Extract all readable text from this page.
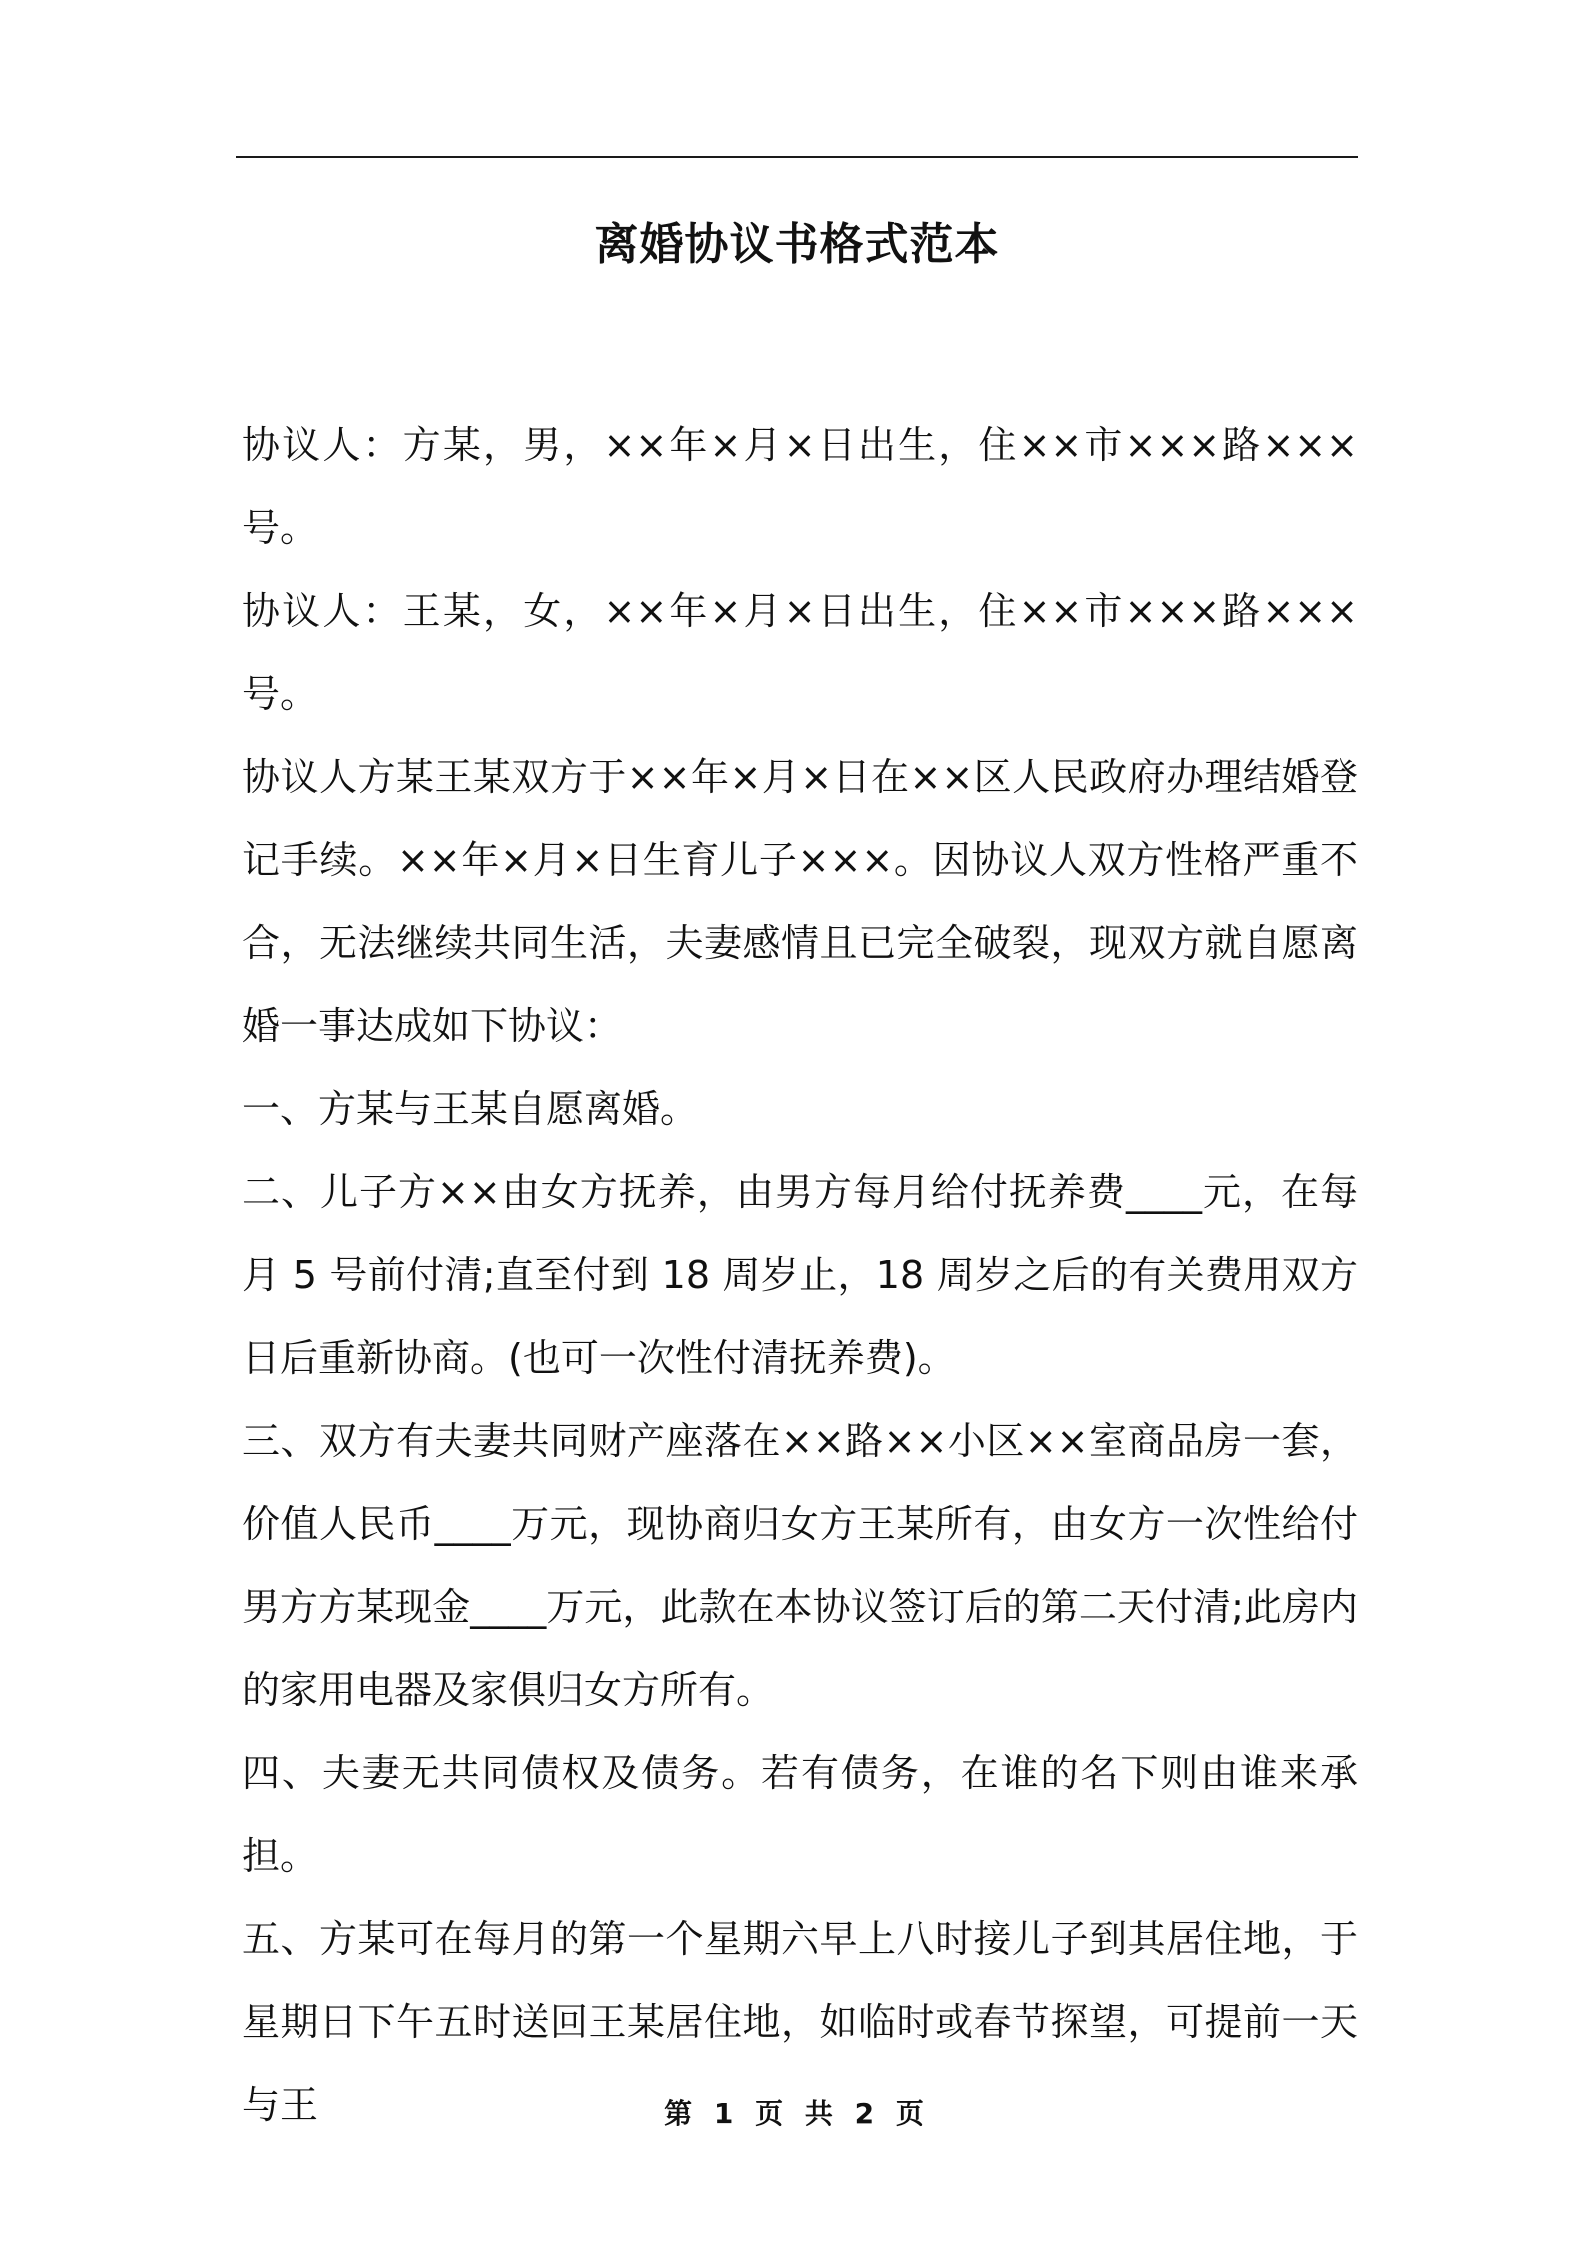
离婚协议书格式范本

协议人：方某，男，××年×月×日出生，住××市×××路×××号。

协议人：王某，女，××年×月×日出生，住××市×××路×××号。

协议人方某王某双方于××年×月×日在××区人民政府办理结婚登记手续。××年×月×日生育儿子×××。因协议人双方性格严重不合，无法继续共同生活，夫妻感情且已完全破裂，现双方就自愿离婚一事达成如下协议：

一、方某与王某自愿离婚。

二、儿子方××由女方抚养，由男方每月给付抚养费____元，在每月 5 号前付清;直至付到 18 周岁止，18 周岁之后的有关费用双方日后重新协商。(也可一次性付清抚养费)。

三、双方有夫妻共同财产座落在××路××小区××室商品房一套，价值人民币____万元，现协商归女方王某所有，由女方一次性给付男方方某现金____万元，此款在本协议签订后的第二天付清;此房内的家用电器及家俱归女方所有。

四、夫妻无共同债权及债务。若有债务，在谁的名下则由谁来承担。

五、方某可在每月的第一个星期六早上八时接儿子到其居住地，于星期日下午五时送回王某居住地，如临时或春节探望，可提前一天与王	第 1 页 共 2 页
